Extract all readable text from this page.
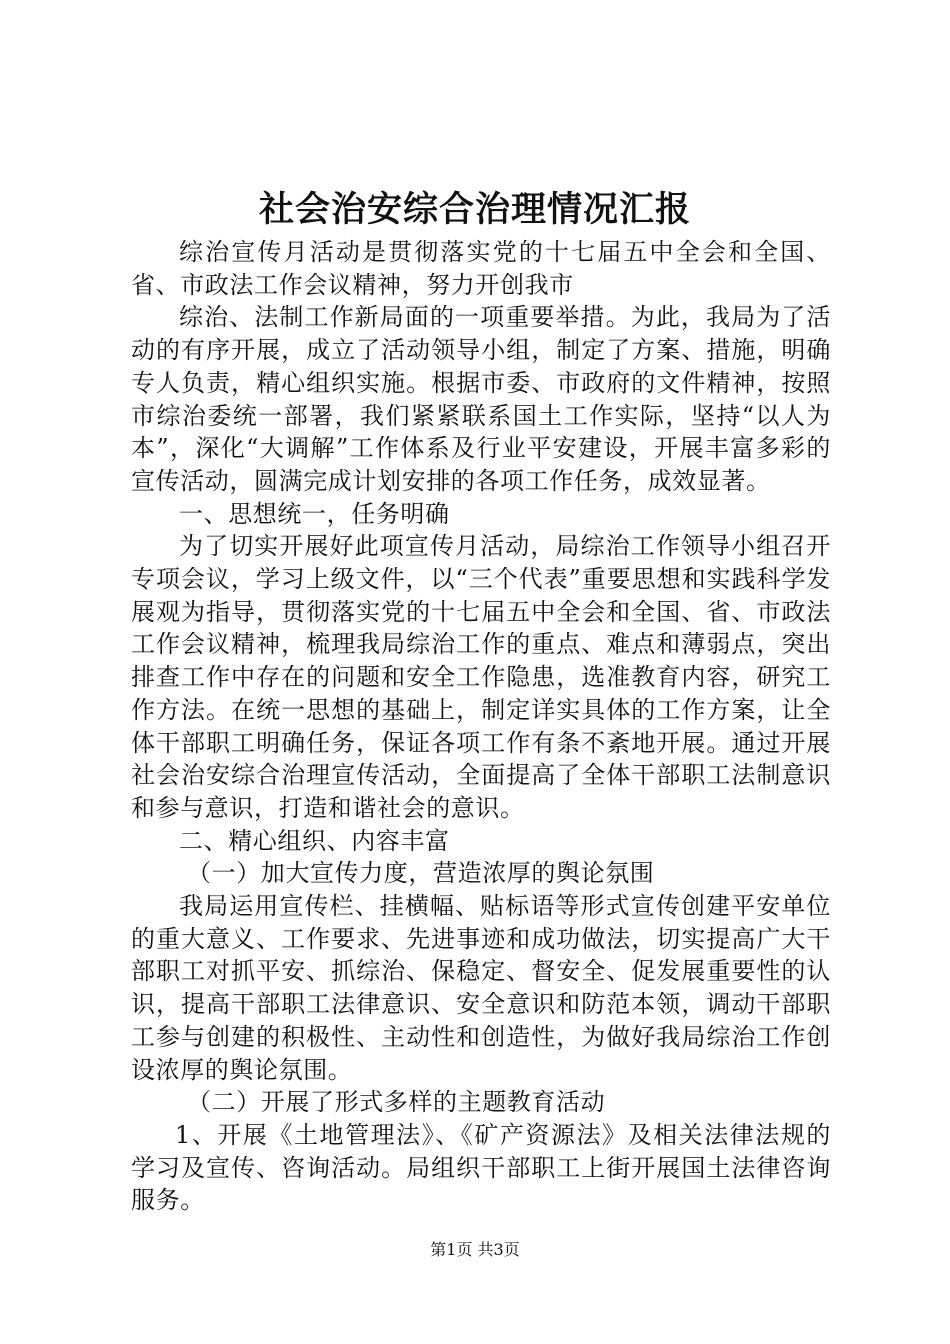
社会治安综合治理情况汇报

综治宣传月活动是贯彻落实党的十七届五中全会和全国、省、市政法工作会议精神，努力开创我市

综治、法制工作新局面的一项重要举措。为此，我局为了活动的有序开展，成立了活动领导小组，制定了方案、措施，明确专人负责，精心组织实施。根据市委、市政府的文件精神，按照市综治委统一部署，我们紧紧联系国土工作实际，坚持“以人为本”，深化“大调解”工作体系及行业平安建设，开展丰富多彩的宣传活动，圆满完成计划安排的各项工作任务，成效显著。

一、思想统一，任务明确

为了切实开展好此项宣传月活动，局综治工作领导小组召开专项会议，学习上级文件，以“三个代表”重要思想和实践科学发展观为指导，贯彻落实党的十七届五中全会和全国、省、市政法工作会议精神，梳理我局综治工作的重点、难点和薄弱点，突出排查工作中存在的问题和安全工作隐患，选准教育内容，研究工作方法。在统一思想的基础上，制定详实具体的工作方案，让全体干部职工明确任务，保证各项工作有条不紊地开展。通过开展社会治安综合治理宣传活动，全面提高了全体干部职工法制意识和参与意识，打造和谐社会的意识。

二、精心组织、内容丰富

（一）加大宣传力度，营造浓厚的舆论氛围

我局运用宣传栏、挂横幅、贴标语等形式宣传创建平安单位的重大意义、工作要求、先进事迹和成功做法，切实提高广大干部职工对抓平安、抓综治、保稳定、督安全、促发展重要性的认识，提高干部职工法律意识、安全意识和防范本领，调动干部职工参与创建的积极性、主动性和创造性，为做好我局综治工作创设浓厚的舆论氛围。

（二）开展了形式多样的主题教育活动

1、开展《土地管理法》、《矿产资源法》及相关法律法规的学习及宣传、咨询活动。局组织干部职工上街开展国土法律咨询服务。

第1页 共3页
